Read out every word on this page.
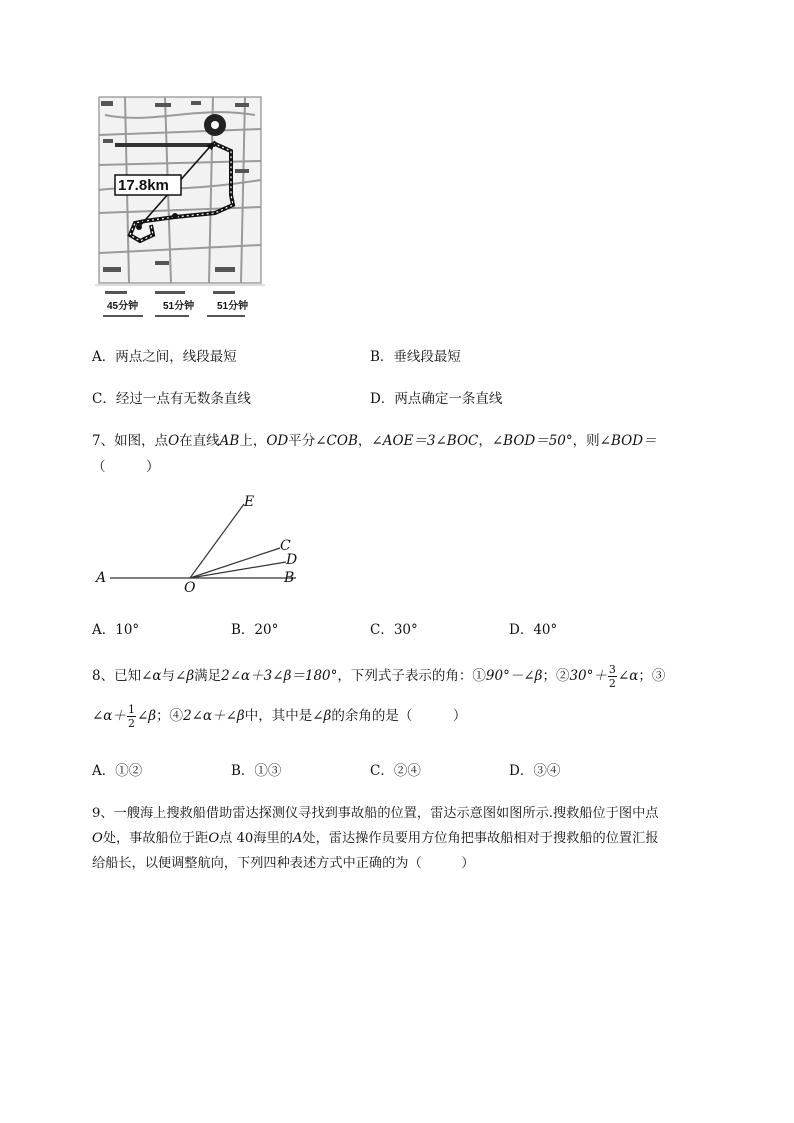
17.8km
45分钟 51分钟 51分钟
A．两点之间，线段最短	B．垂线段最短
C．经过一点有无数条直线	D．两点确定一条直线
7、如图，点O在直线AB上，OD平分∠COB，∠AOE＝3∠BOC，∠BOD＝50°，则∠BOD＝
（　　　）
A
O
B
E
C
D
A．10°	B．20°	C．30°	D．40°
8、已知∠α与∠β满足2∠α＋3∠β＝180°，下列式子表示的角：①90°－∠β；②30°＋ $\frac{3}{2}$ ∠α；③
∠α＋ $\frac{1}{2}$ ∠β；④2∠α＋∠β中，其中是∠β的余角的是（　　　）
A．①②	B．①③	C．②④	D．③④
9、一艘海上搜救船借助雷达探测仪寻找到事故船的位置，雷达示意图如图所示.搜救船位于图中点
O处，事故船位于距O点 40海里的A处，雷达操作员要用方位角把事故船相对于搜救船的位置汇报
给船长，以便调整航向，下列四种表述方式中正确的为（　　　）
